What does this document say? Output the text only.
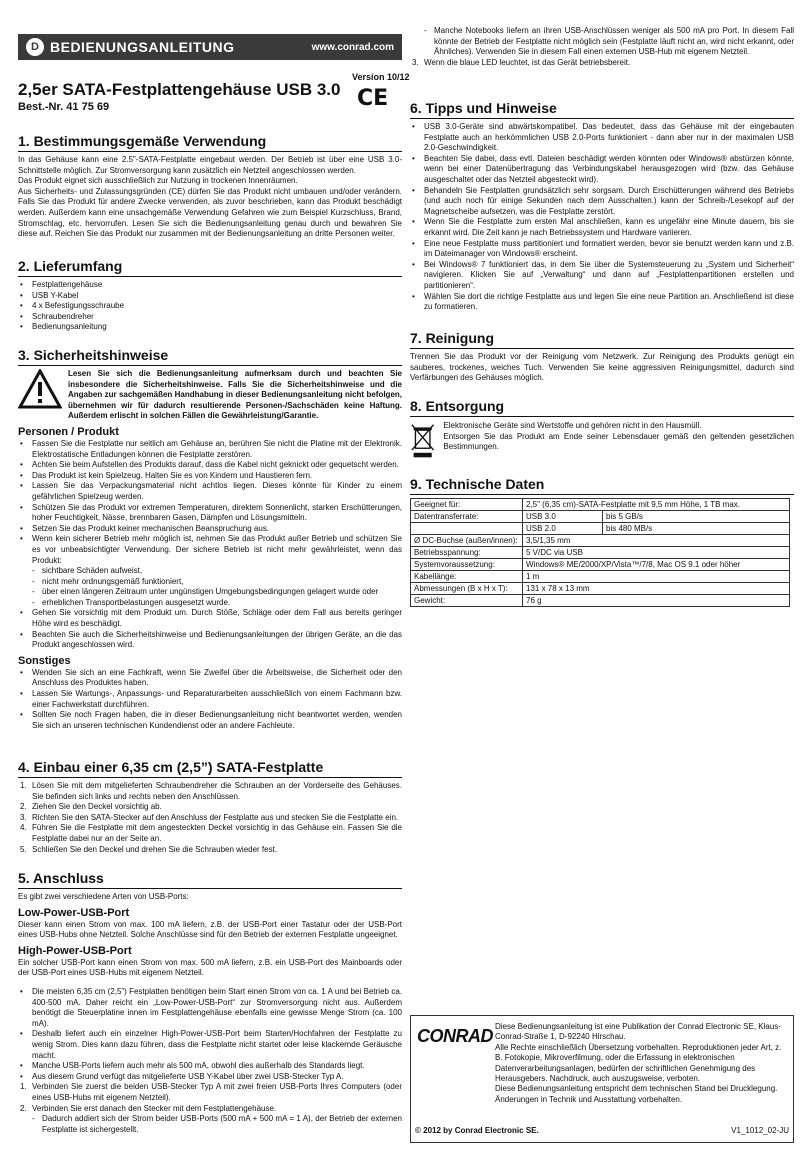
D BEDIENUNGSANLEITUNG	www.conrad.com
Version 10/12
2,5er SATA-Festplattengehäuse USB 3.0
Best.-Nr. 41 75 69	CE
1. Bestimmungsgemäße Verwendung

In das Gehäuse kann eine 2.5"-SATA-Festplatte eingebaut werden. Der Betrieb ist über eine USB 3.0-Schnittstelle möglich. Zur Stromversorgung kann zusätzlich ein Netzteil angeschlossen werden.

Das Produkt eignet sich ausschließlich zur Nutzung in trockenen Innenräumen.

Aus Sicherheits- und Zulassungsgründen (CE) dürfen Sie das Produkt nicht umbauen und/oder verändern. Falls Sie das Produkt für andere Zwecke verwenden, als zuvor beschrieben, kann das Produkt beschädigt werden. Außerdem kann eine unsachgemäße Verwendung Gefahren wie zum Beispiel Kurzschluss, Brand, Stromschlag, etc. hervorrufen. Lesen Sie sich die Bedienungsanleitung genau durch und bewahren Sie diese auf. Reichen Sie das Produkt nur zusammen mit der Bedienungsanleitung an dritte Personen weiter.

2. Lieferumfang
• Festplattengehäuse
• USB Y-Kabel
• 4 x Befestigungsschraube
• Schraubendreher
• Bedienungsanleitung
3. Sicherheitshinweise

Lesen Sie sich die Bedienungsanleitung aufmerksam durch und beachten Sie insbesondere die Sicherheitshinweise. Falls Sie die Sicherheitshinweise und die Angaben zur sachgemäßen Handhabung in dieser Bedienungsanleitung nicht befolgen, übernehmen wir für dadurch resultierende Personen-/Sachschäden keine Haftung. Außerdem erlischt in solchen Fällen die Gewährleistung/Garantie.

Personen / Produkt
• Fassen Sie die Festplatte nur seitlich am Gehäuse an, berühren Sie nicht die Platine mit der Elektronik. Elektrostatische Entladungen können die Festplatte zerstören.
• Achten Sie beim Aufstellen des Produkts darauf, dass die Kabel nicht geknickt oder gequetscht werden.
• Das Produkt ist kein Spielzeug. Halten Sie es von Kindern und Haustieren fern.
• Lassen Sie das Verpackungsmaterial nicht achtlos liegen. Dieses könnte für Kinder zu einem gefährlichen Spielzeug werden.
• Schützen Sie das Produkt vor extremen Temperaturen, direktem Sonnenlicht, starken Erschütterungen, hoher Feuchtigkeit, Nässe, brennbaren Gasen, Dämpfen und Lösungsmitteln.
• Setzen Sie das Produkt keiner mechanischen Beanspruchung aus.
• Wenn kein sicherer Betrieb mehr möglich ist, nehmen Sie das Produkt außer Betrieb und schützen Sie es vor unbeabsichtigter Verwendung. Der sichere Betrieb ist nicht mehr gewährleistet, wenn das Produkt:
- sichtbare Schäden aufweist,
- nicht mehr ordnungsgemäß funktioniert,
- über einen längeren Zeitraum unter ungünstigen Umgebungsbedingungen gelagert wurde oder
- erheblichen Transportbelastungen ausgesetzt wurde.
• Gehen Sie vorsichtig mit dem Produkt um. Durch Stöße, Schläge oder dem Fall aus bereits geringer Höhe wird es beschädigt.
• Beachten Sie auch die Sicherheitshinweise und Bedienungsanleitungen der übrigen Geräte, an die das Produkt angeschlossen wird.
Sonstiges
• Wenden Sie sich an eine Fachkraft, wenn Sie Zweifel über die Arbeitsweise, die Sicherheit oder den Anschluss des Produktes haben.
• Lassen Sie Wartungs-, Anpassungs- und Reparaturarbeiten ausschließlich von einem Fachmann bzw. einer Fachwerkstatt durchführen.
• Sollten Sie noch Fragen haben, die in dieser Bedienungsanleitung nicht beantwortet werden, wenden Sie sich an unseren technischen Kundendienst oder an andere Fachleute.
4. Einbau einer 6,35 cm (2,5”) SATA-Festplatte
1. Lösen Sie mit dem mitgelieferten Schraubendreher die Schrauben an der Vorderseite des Gehäuses. Sie befinden sich links und rechts neben den Anschlüssen.
2. Ziehen Sie den Deckel vorsichtig ab.
3. Richten Sie den SATA-Stecker auf den Anschluss der Festplatte aus und stecken Sie die Festplatte ein.
4. Führen Sie die Festplatte mit dem angesteckten Deckel vorsichtig in das Gehäuse ein. Fassen Sie die Festplatte dabei nur an der Seite an.
5. Schließen Sie den Deckel und drehen Sie die Schrauben wieder fest.
5. Anschluss

Es gibt zwei verschiedene Arten von USB-Ports:

Low-Power-USB-Port

Dieser kann einen Strom von max. 100 mA liefern, z.B. der USB-Port einer Tastatur oder der USB-Port eines USB-Hubs ohne Netzteil. Solche Anschlüsse sind für den Betrieb der externen Festplatte ungeeignet.

High-Power-USB-Port

Ein solcher USB-Port kann einen Strom von max. 500 mA liefern, z.B. ein USB-Port des Mainboards oder der USB-Port eines USB-Hubs mit eigenem Netzteil.

• Die meisten 6,35 cm (2,5”) Festplatten benötigen beim Start einen Strom von ca. 1 A und bei Betrieb ca. 400-500 mA. Daher reicht ein „Low-Power-USB-Port“ zur Stromversorgung nicht aus. Außerdem benötigt die Steuerplatine innen im Festplattengehäuse ebenfalls eine gewisse Menge Strom (ca. 100 mA).
• Deshalb liefert auch ein einzelner High-Power-USB-Port beim Starten/Hochfahren der Festplatte zu wenig Strom. Dies kann dazu führen, dass die Festplatte nicht startet oder leise klackernde Geräusche macht.
• Manche USB-Ports liefern auch mehr als 500 mA, obwohl dies außerhalb des Standards liegt.
• Aus diesem Grund verfügt das mitgelieferte USB Y-Kabel über zwei USB-Stecker Typ A.
1. Verbinden Sie zuerst die beiden USB-Stecker Typ A mit zwei freien USB-Ports Ihres Computers (oder eines USB-Hubs mit eigenem Netzteil).
2. Verbinden Sie erst danach den Stecker mit dem Festplattengehäuse.
- Dadurch addiert sich der Strom beider USB-Ports (500 mA + 500 mA = 1 A), der Betrieb der externen Festplatte ist sichergestellt.
- Manche Notebooks liefern an ihren USB-Anschlüssen weniger als 500 mA pro Port. In diesem Fall könnte der Betrieb der Festplatte nicht möglich sein (Festplatte läuft nicht an, wird nicht erkannt, oder Ähnliches). Verwenden Sie in diesem Fall einen externen USB-Hub mit eigenem Netzteil.
3. Wenn die blaue LED leuchtet, ist das Gerät betriebsbereit.
6. Tipps und Hinweise
• USB 3.0-Geräte sind abwärtskompatibel. Das bedeutet, dass das Gehäuse mit der eingebauten Festplatte auch an herkömmlichen USB 2.0-Ports funktioniert - dann aber nur in der maximalen USB 2.0-Geschwindigkeit.
• Beachten Sie dabei, dass evtl. Dateien beschädigt werden könnten oder Windows® abstürzen könnte, wenn bei einer Datenübertragung das Verbindungskabel herausgezogen wird (bzw. das Gehäuse ausgeschaltet oder das Netzteil abgesteckt wird).
• Behandeln Sie Festplatten grundsätzlich sehr sorgsam. Durch Erschütterungen während des Betriebs (und auch noch für einige Sekunden nach dem Ausschalten.) kann der Schreib-/Lesekopf auf der Magnetscheibe aufsetzen, was die Festplatte zerstört.
• Wenn Sie die Festplatte zum ersten Mal anschließen, kann es ungefähr eine Minute dauern, bis sie erkannt wird. Die Zeit kann je nach Betriebssystem und Hardware variieren.
• Eine neue Festplatte muss partitioniert und formatiert werden, bevor sie benutzt werden kann und z.B. im Dateimanager von Windows® erscheint.
• Bei Windows® 7 funktioniert das, in dem Sie über die Systemsteuerung zu „System und Sicherheit“ navigieren. Klicken Sie auf „Verwaltung“ und dann auf „Festplattenpartitionen erstellen und partitionieren“.
• Wählen Sie dort die richtige Festplatte aus und legen Sie eine neue Partition an. Anschließend ist diese zu formatieren.
7. Reinigung

Trennen Sie das Produkt vor der Reinigung vom Netzwerk. Zur Reinigung des Produkts genügt ein sauberes, trockenes, weiches Tuch. Verwenden Sie keine aggressiven Reinigungsmittel, dadurch sind Verfärbungen des Gehäuses möglich.

8. Entsorgung

Elektronische Geräte sind Wertstoffe und gehören nicht in den Hausmüll.

Entsorgen Sie das Produkt am Ende seiner Lebensdauer gemäß den geltenden gesetzlichen Bestimmungen.

9. Technische Daten
Geeignet für:	2,5" (6,35 cm)-SATA-Festplatte mit 9,5 mm Höhe, 1 TB max.	
Datentransferrate:	USB 3.0	bis 5 GB/s
	USB 2.0	bis 480 MB/s
Ø DC-Buchse (außen/innen):	3,5/1,35 mm	
Betriebsspannung:	5 V/DC via USB	
Systemvoraussetzung:	Windows® ME/2000/XP/Vista™/7/8, Mac OS 9.1 oder höher	
Kabellänge:	1 m	
Abmessungen (B x H x T):	131 x 78 x 13 mm	
Gewicht:	76 g	
CONRAD Diese Bedienungsanleitung ist eine Publikation der Conrad Electronic SE, Klaus-Conrad-Straße 1, D-92240 Hirschau.

Alle Rechte einschließlich Übersetzung vorbehalten. Reproduktionen jeder Art, z. B. Fotokopie, Mikroverfilmung, oder die Erfassung in elektronischen Datenverarbeitungsanlagen, bedürfen der schriftlichen Genehmigung des Herausgebers. Nachdruck, auch auszugsweise, verboten.

Diese Bedienungsanleitung entspricht dem technischen Stand bei Drucklegung. Änderungen in Technik und Ausstattung vorbehalten.

© 2012 by Conrad Electronic SE.	V1_1012_02-JU
